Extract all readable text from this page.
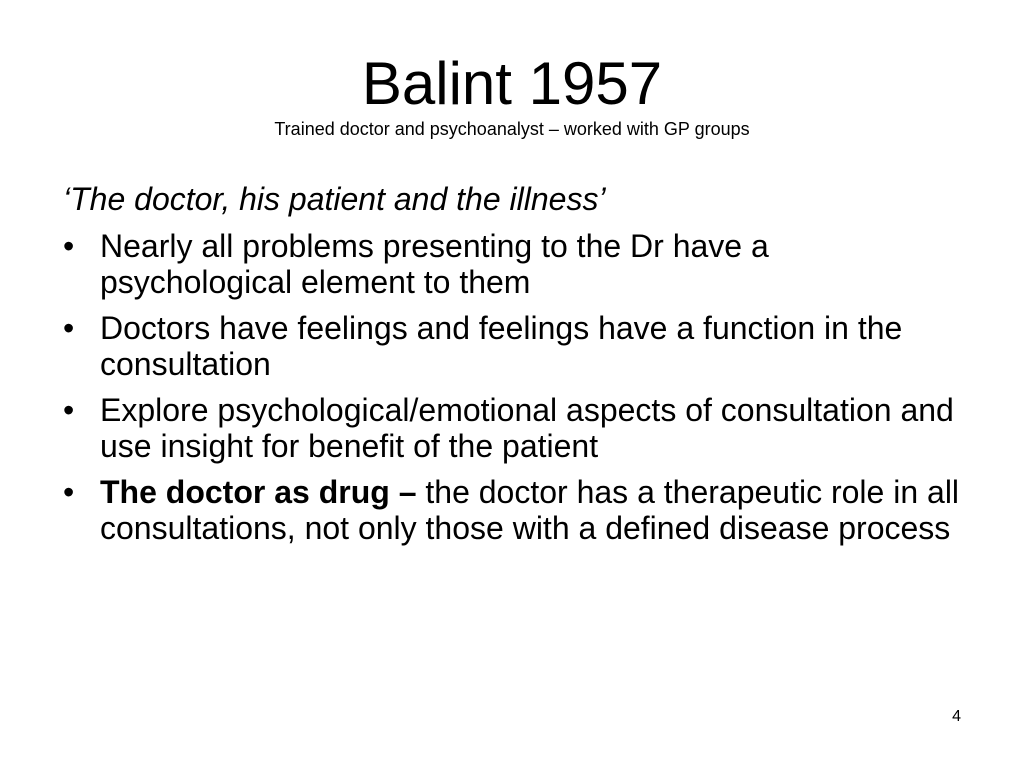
Balint 1957
Trained doctor and psychoanalyst – worked with GP groups
‘The doctor, his patient and the illness’
• Nearly all problems presenting to the Dr have a psychological element to them
• Doctors have feelings and feelings have a function in the consultation
• Explore psychological/emotional aspects of consultation and use insight for benefit of the patient
• The doctor as drug – the doctor has a therapeutic role in all consultations, not only those with a defined disease process
4
